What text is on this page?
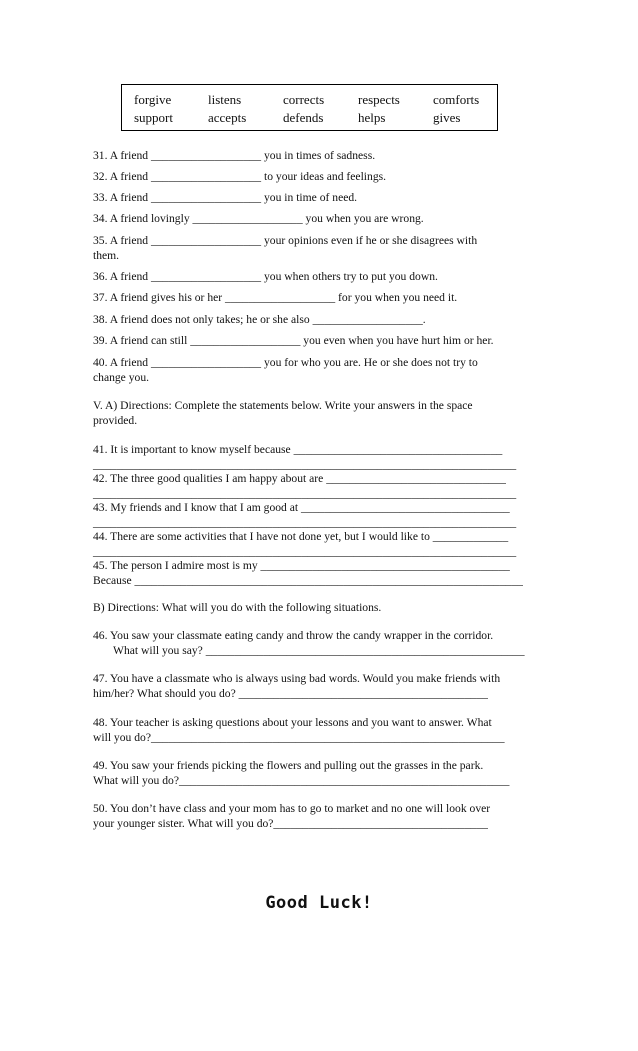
forgive	listens	corrects	respects	comforts
support	accepts	defends	helps	gives
31. A friend ___________________ you in times of sadness.
32. A friend ___________________ to your ideas and feelings.
33. A friend ___________________ you in time of need.
34. A friend lovingly ___________________ you when you are wrong.
35. A friend ___________________ your opinions even if he or she disagrees with
them.
36. A friend ___________________ you when others try to put you down.
37. A friend gives his or her ___________________ for you when you need it.
38. A friend does not only takes; he or she also ___________________.
39. A friend can still ___________________ you even when you have hurt him or her.
40. A friend ___________________ you for who you are. He or she does not try to
change you.
V. A) Directions: Complete the statements below. Write your answers in the space
provided.
41. It is important to know myself because ____________________________________
_________________________________________________________________________
42. The three good qualities I am happy about are _______________________________
_________________________________________________________________________
43. My friends and I know that I am good at ____________________________________
_________________________________________________________________________
44. There are some activities that I have not done yet, but I would like to _____________
_________________________________________________________________________
45. The person I admire most is my ___________________________________________
Because ___________________________________________________________________
B) Directions: What will you do with the following situations.
46. You saw your classmate eating candy and throw the candy wrapper in the corridor.
What will you say? _______________________________________________________
47. You have a classmate who is always using bad words. Would you make friends with
him/her? What should you do? ___________________________________________
48. Your teacher is asking questions about your lessons and you want to answer. What
will you do?_____________________________________________________________
49. You saw your friends picking the flowers and pulling out the grasses in the park.
What will you do?_________________________________________________________
50. You don’t have class and your mom has to go to market and no one will look over
your younger sister. What will you do?_____________________________________
Good Luck!
